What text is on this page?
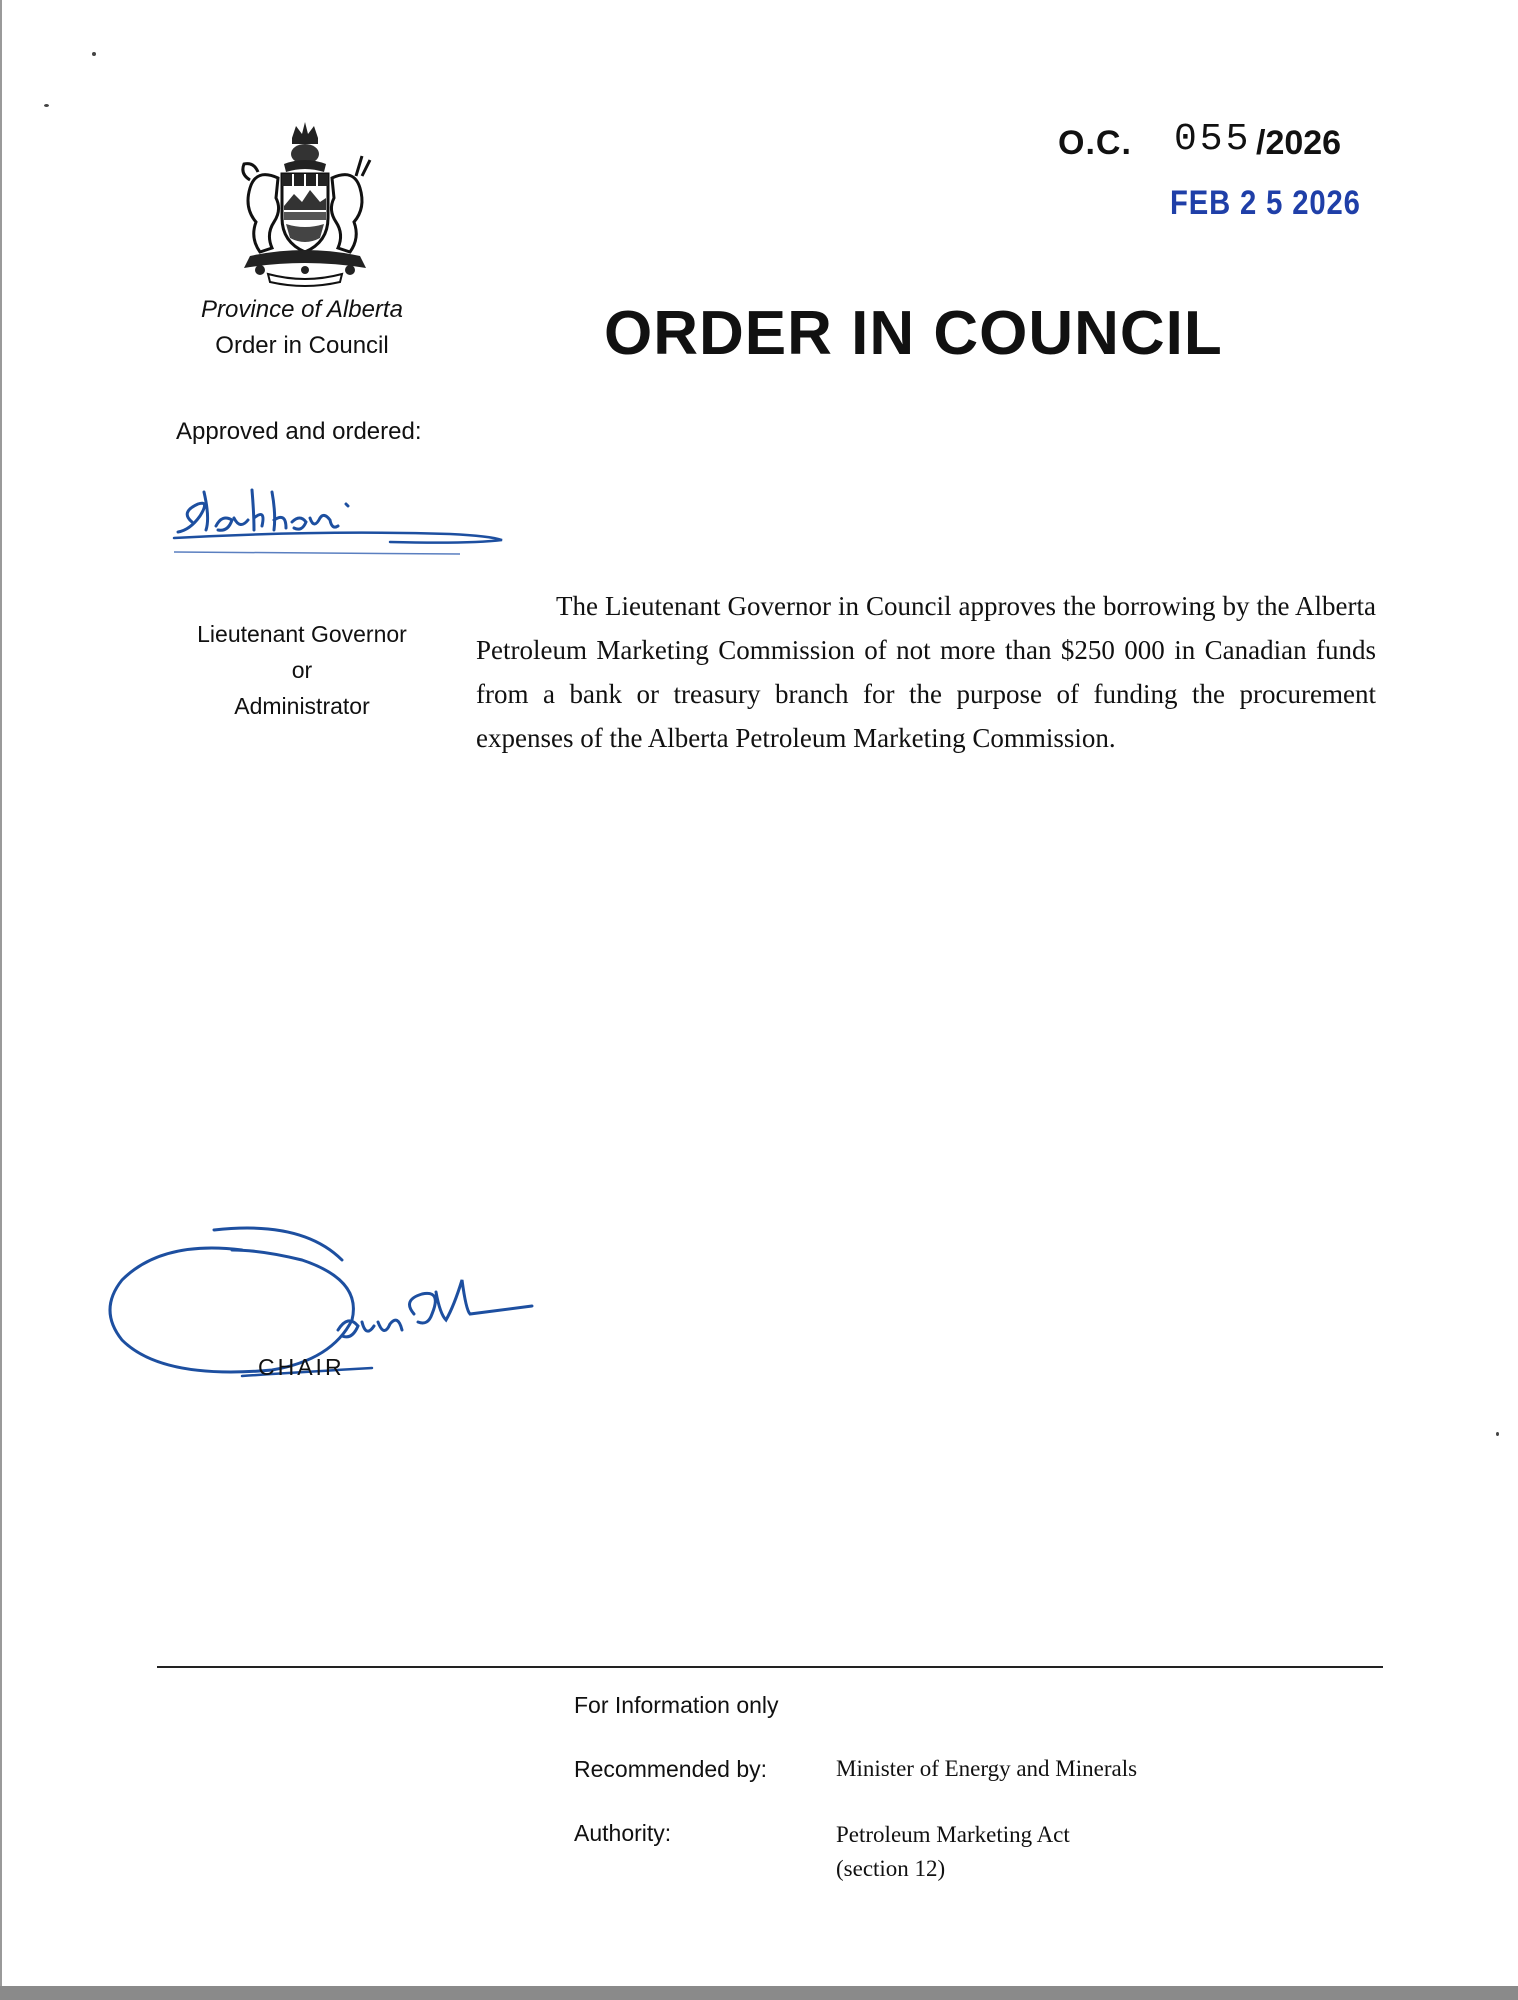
Province of Alberta
Order in Council
O.C. 055 /2026
FEB 2 5 2026
ORDER IN COUNCIL
Approved and ordered:
Lieutenant Governor
or
Administrator
The Lieutenant Governor in Council approves the borrowing by the Alberta Petroleum Marketing Commission of not more than $250 000 in Canadian funds from a bank or treasury branch for the purpose of funding the procurement expenses of the Alberta Petroleum Marketing Commission.
CHAIR
For Information only
Recommended by:	Minister of Energy and Minerals
Authority:	Petroleum Marketing Act
(section 12)
